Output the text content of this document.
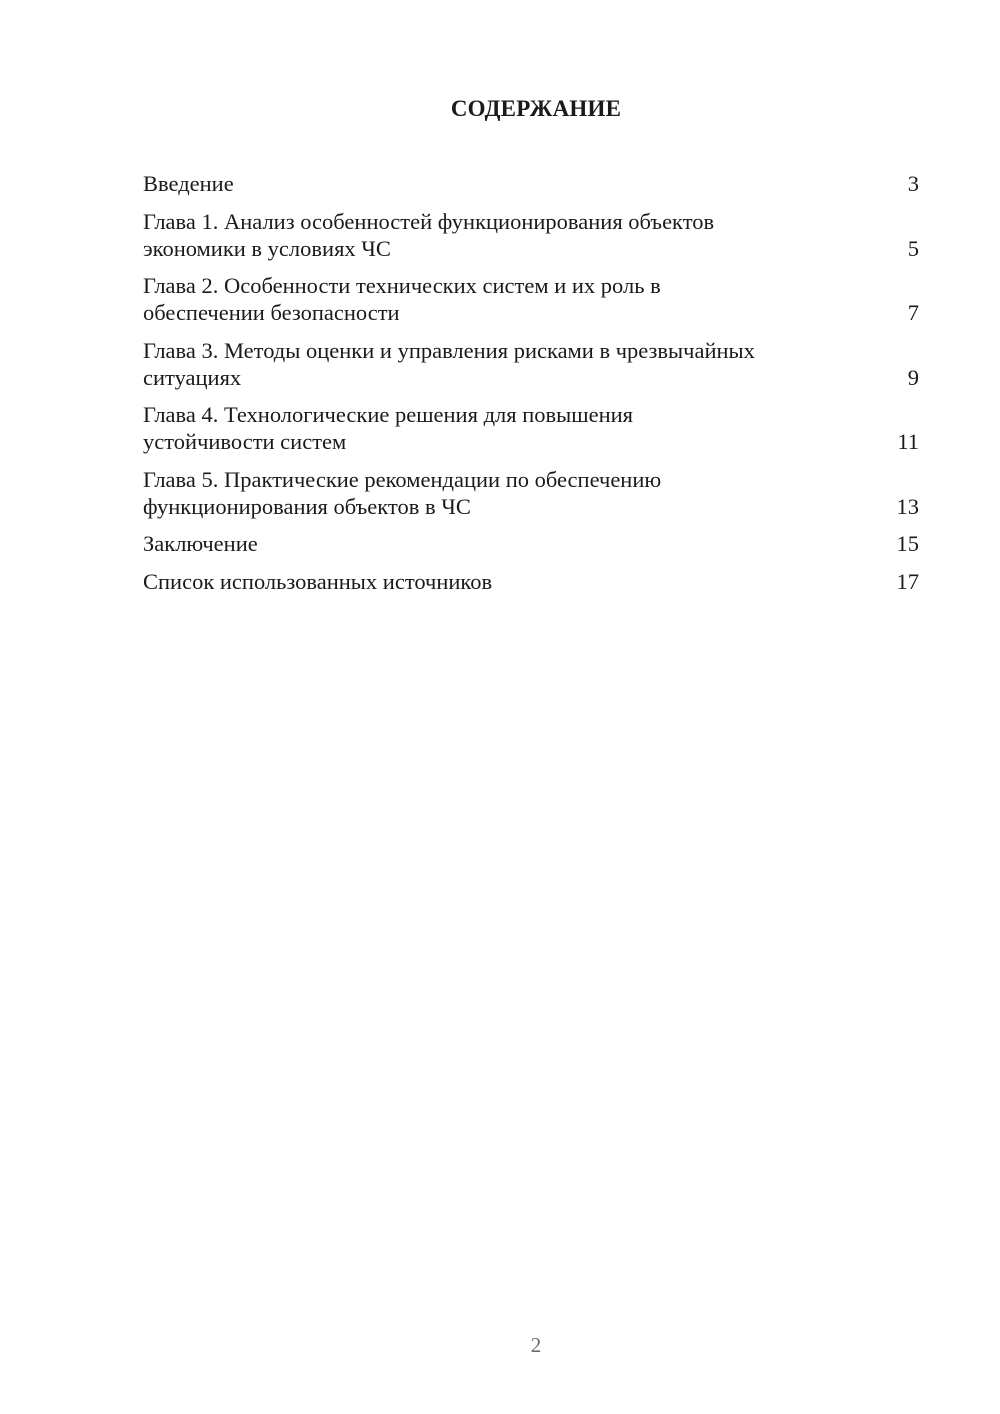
СОДЕРЖАНИЕ
Введение	3
Глава 1. Анализ особенностей функционирования объектов
экономики в условиях ЧС	5
Глава 2. Особенности технических систем и их роль в
обеспечении безопасности	7
Глава 3. Методы оценки и управления рисками в чрезвычайных
ситуациях	9
Глава 4. Технологические решения для повышения
устойчивости систем	11
Глава 5. Практические рекомендации по обеспечению
функционирования объектов в ЧС	13
Заключение	15
Список использованных источников	17
2
